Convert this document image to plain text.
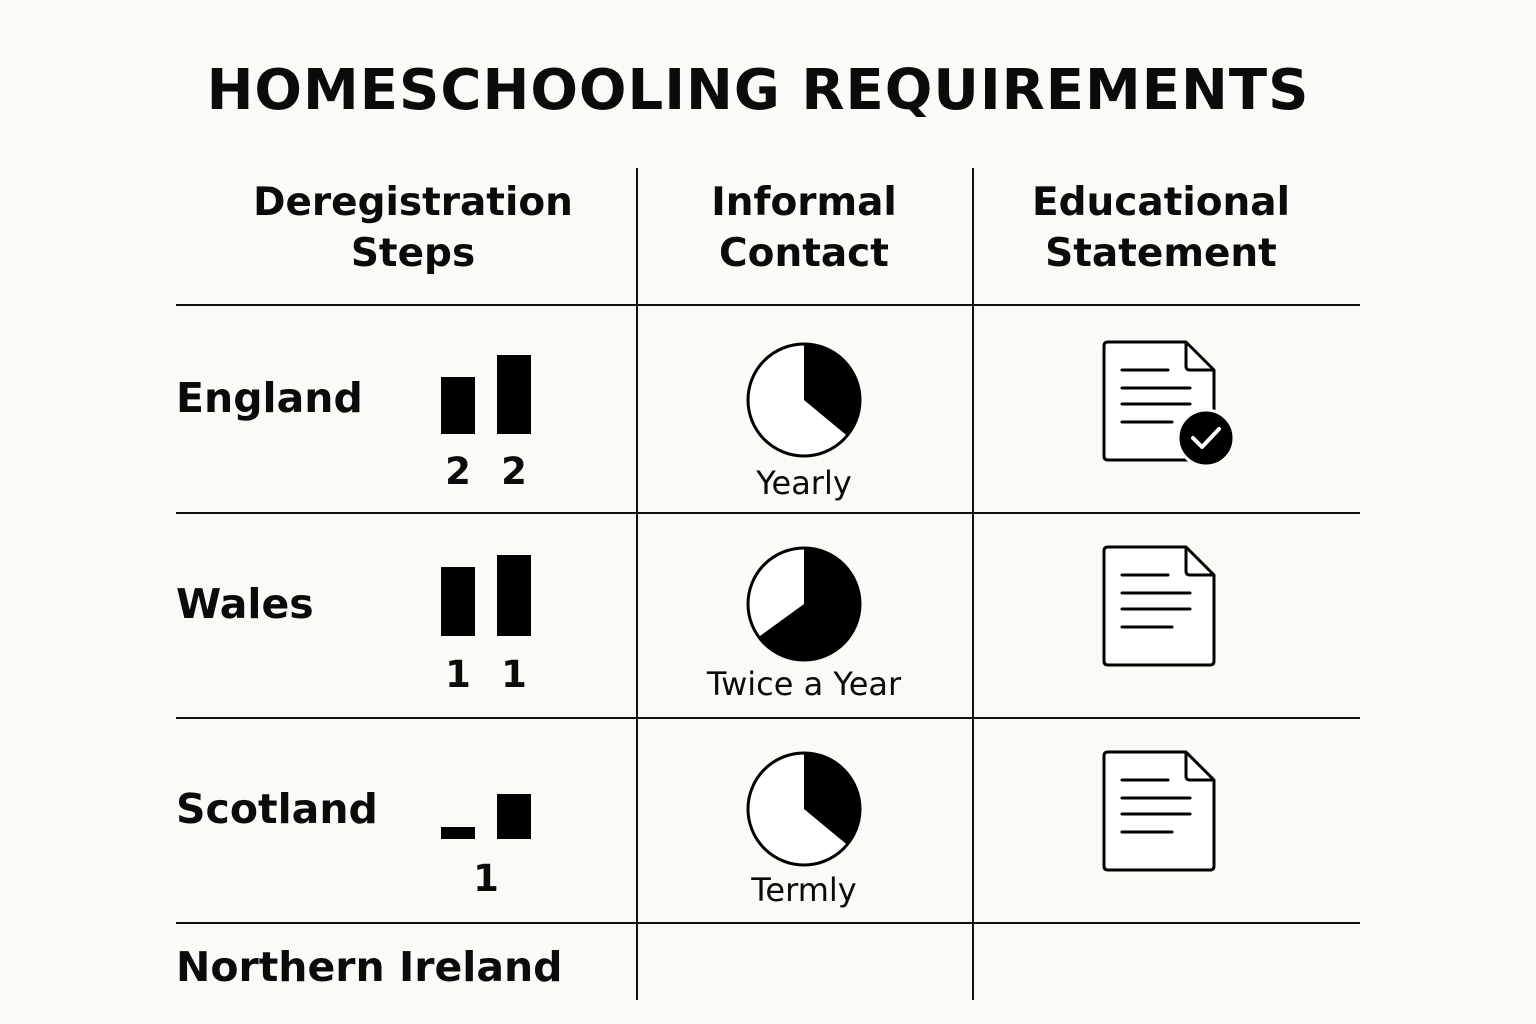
HOMESCHOOLING REQUIREMENTS
Deregistration
Steps
Informal
Contact
Educational
Statement
England
Wales
Scotland
Northern Ireland
2 2
1 1
1
Yearly
Twice a Year
Termly
